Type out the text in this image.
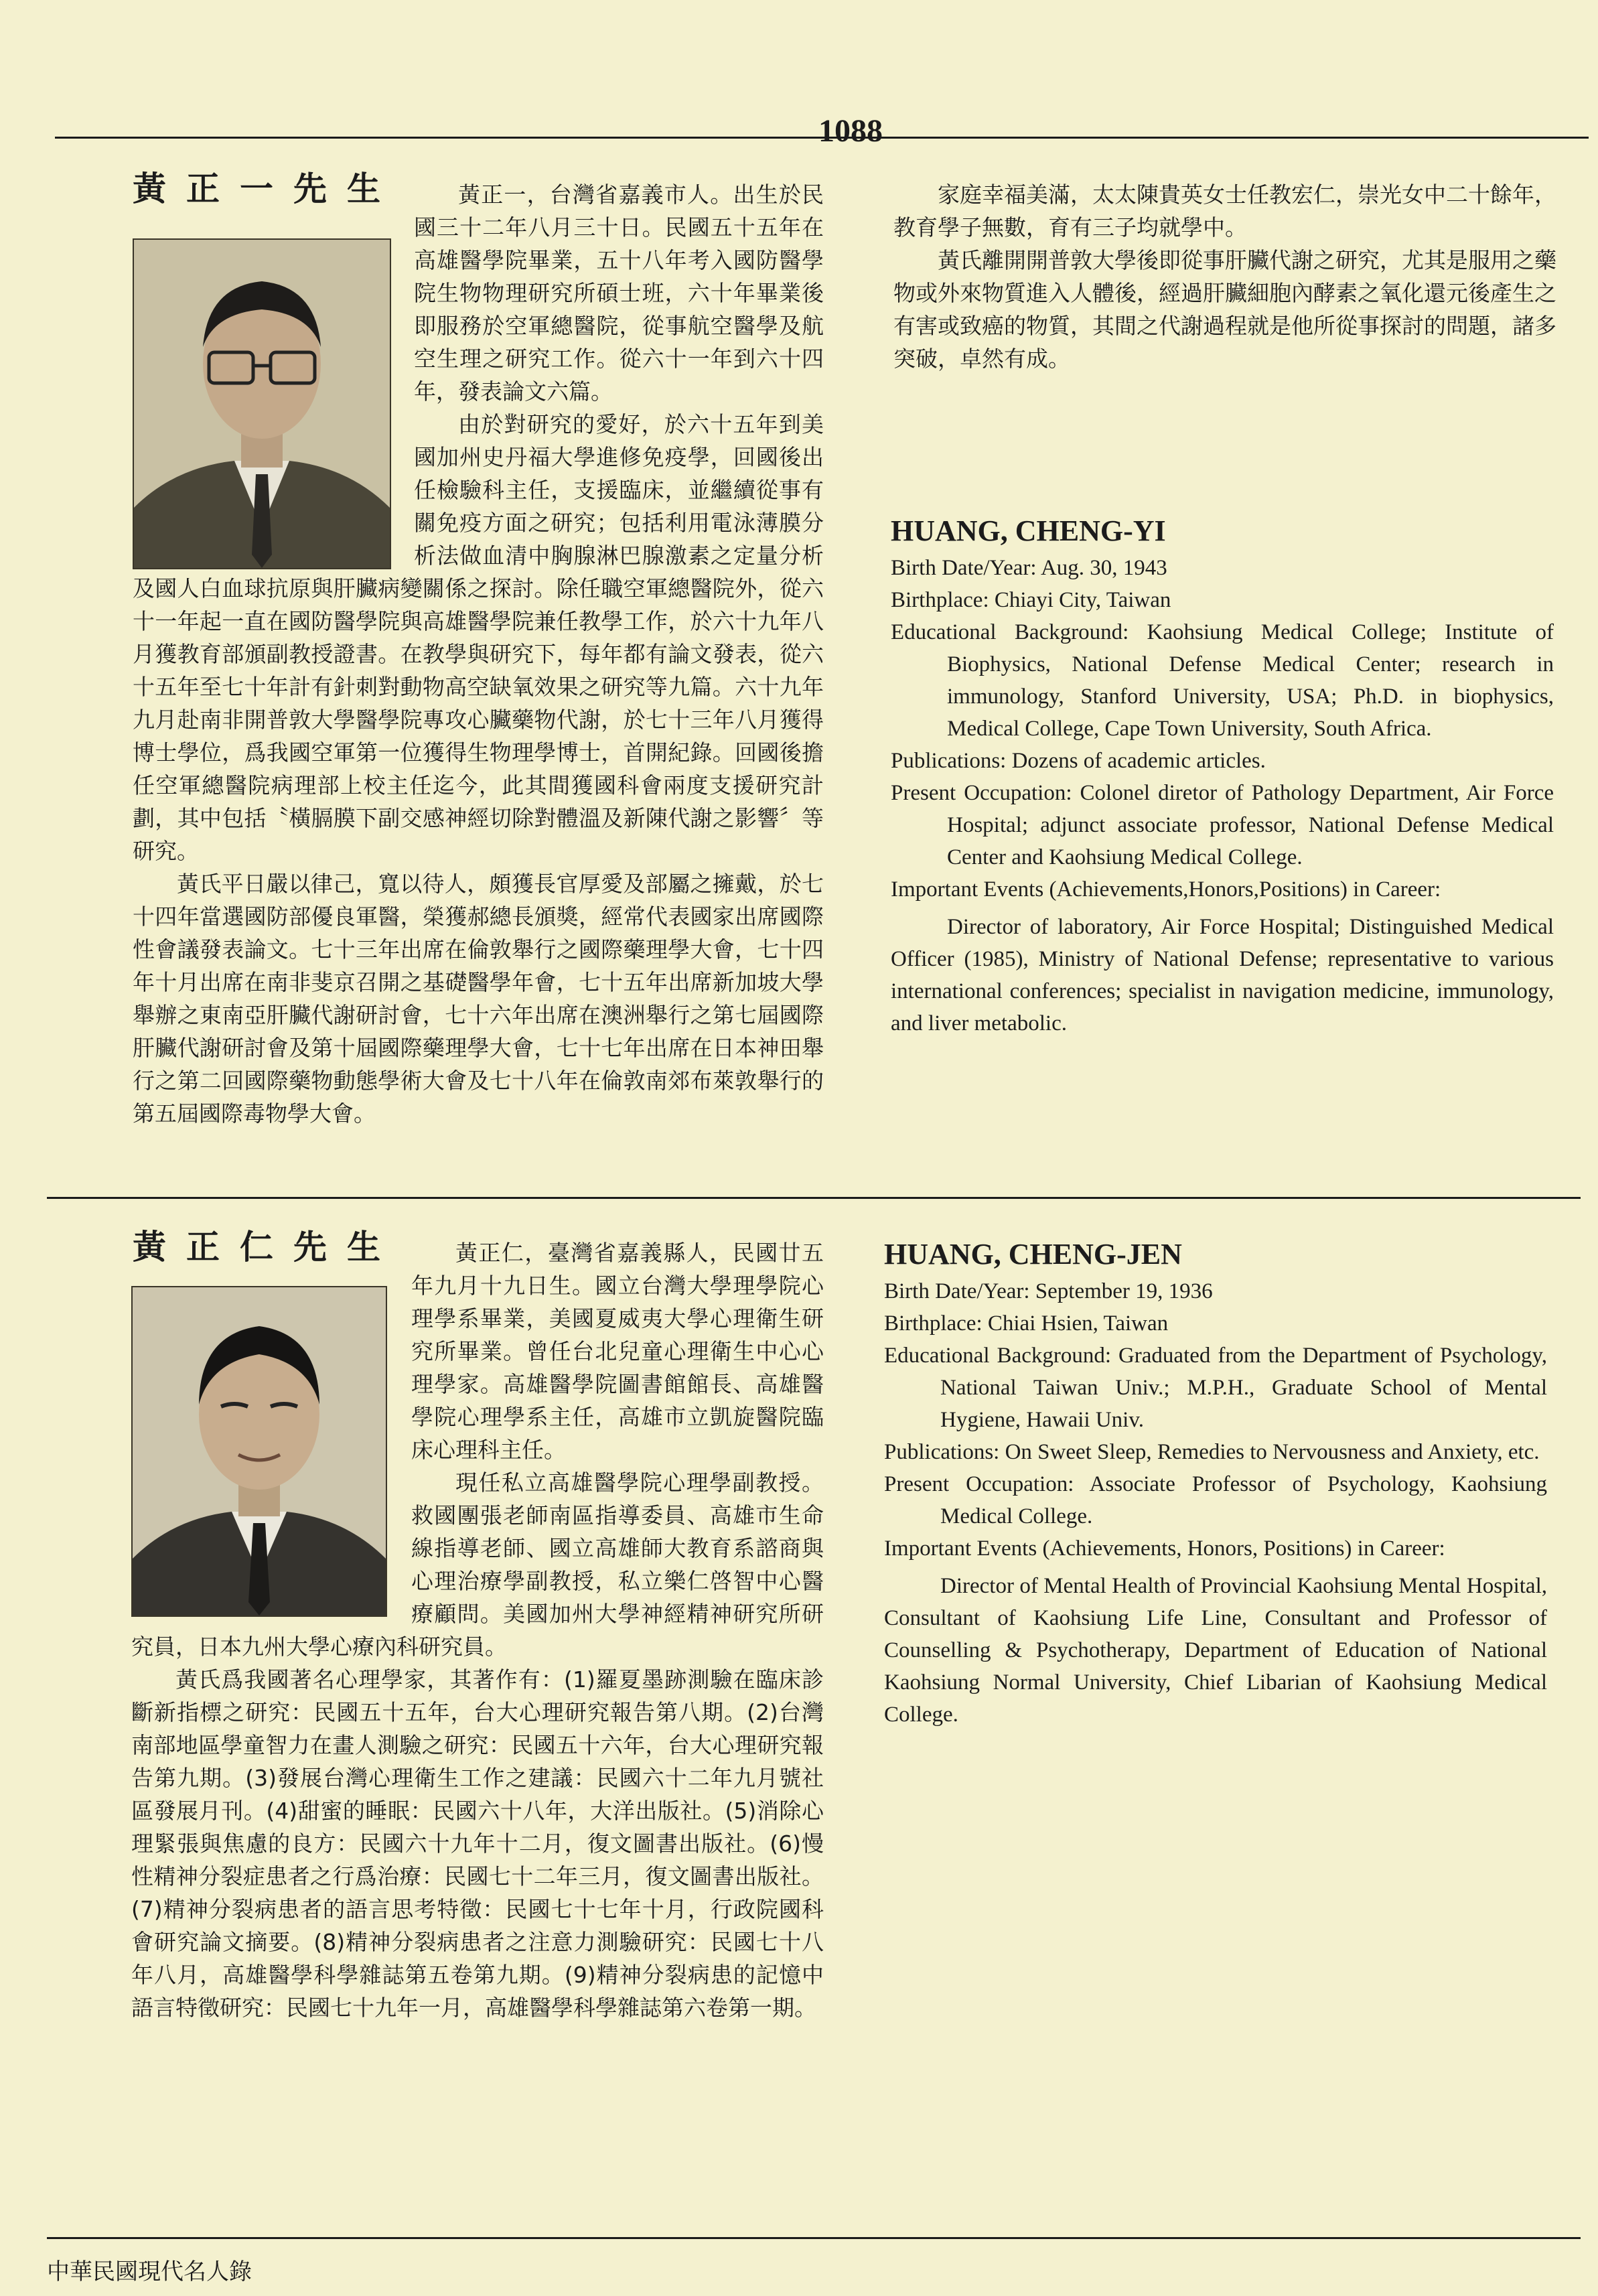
1088
黃正一先生	黃正一，台灣省嘉義市人。出生於民國三十二年八月三十日。民國五十五年在高雄醫學院畢業，五十八年考入國防醫學院生物物理研究所碩士班，六十年畢業後即服務於空軍總醫院，從事航空醫學及航空生理之研究工作。從六十一年到六十四年，發表論文六篇。

由於對研究的愛好，於六十五年到美國加州史丹福大學進修免疫學，回國後出任檢驗科主任，支援臨床，並繼續從事有關免疫方面之研究；包括利用電泳薄膜分析法做血清中胸腺淋巴腺激素之定量分析及國人白血球抗原與肝臟病變關係之探討。除任職空軍總醫院外，從六十一年起一直在國防醫學院與高雄醫學院兼任教學工作，於六十九年八月獲教育部頒副教授證書。在教學與研究下，每年都有論文發表，從六十五年至七十年計有針刺對動物高空缺氧效果之研究等九篇。六十九年九月赴南非開普敦大學醫學院專攻心臟藥物代謝，於七十三年八月獲得博士學位，爲我國空軍第一位獲得生物理學博士，首開紀錄。回國後擔任空軍總醫院病理部上校主任迄今，此其間獲國科會兩度支援研究計劃，其中包括〝橫膈膜下副交感神經切除對體溫及新陳代謝之影響〞等研究。

黃氏平日嚴以律己，寬以待人，頗獲長官厚愛及部屬之擁戴，於七十四年當選國防部優良軍醫，榮獲郝總長頒獎，經常代表國家出席國際性會議發表論文。七十三年出席在倫敦舉行之國際藥理學大會，七十四年十月出席在南非斐京召開之基礎醫學年會，七十五年出席新加坡大學舉辦之東南亞肝臟代謝研討會，七十六年出席在澳洲舉行之第七屆國際肝臟代謝研討會及第十屆國際藥理學大會，七十七年出席在日本神田舉行之第二回國際藥物動態學術大會及七十八年在倫敦南郊布萊敦舉行的第五屆國際毒物學大會。

家庭幸福美滿，太太陳貴英女士任教宏仁，崇光女中二十餘年，教育學子無數，育有三子均就學中。

黃氏離開開普敦大學後即從事肝臟代謝之研究，尤其是服用之藥物或外來物質進入人體後，經過肝臟細胞內酵素之氧化還元後產生之有害或致癌的物質，其間之代謝過程就是他所從事探討的問題，諸多突破，卓然有成。

HUANG, CHENG-YI

Birth Date/Year: Aug. 30, 1943

Birthplace: Chiayi City, Taiwan

Educational Background: Kaohsiung Medical College; Institute of Biophysics, National Defense Medical Center; research in immunology, Stanford University, USA; Ph.D. in biophysics, Medical College, Cape Town University, South Africa.

Publications: Dozens of academic articles.

Present Occupation: Colonel diretor of Pathology Department, Air Force Hospital; adjunct associate professor, National Defense Medical Center and Kaohsiung Medical College.

Important Events (Achievements,Honors,Positions) in Career:

Director of laboratory, Air Force Hospital; Distinguished Medical Officer (1985), Ministry of National Defense; representative to various international conferences; specialist in navigation medicine, immunology, and liver metabolic.

黃正仁先生	黃正仁，臺灣省嘉義縣人，民國廿五年九月十九日生。國立台灣大學理學院心理學系畢業，美國夏威夷大學心理衛生研究所畢業。曾任台北兒童心理衛生中心心理學家。高雄醫學院圖書館館長、高雄醫學院心理學系主任，高雄市立凱旋醫院臨床心理科主任。

現任私立高雄醫學院心理學副教授。救國團張老師南區指導委員、高雄市生命線指導老師、國立高雄師大教育系諮商與心理治療學副教授，私立樂仁啓智中心醫療顧問。美國加州大學神經精神研究所研究員，日本九州大學心療內科研究員。

黃氏爲我國著名心理學家，其著作有：(1)羅夏墨跡測驗在臨床診斷新指標之研究：民國五十五年，台大心理研究報告第八期。(2)台灣南部地區學童智力在畫人測驗之研究：民國五十六年，台大心理研究報告第九期。(3)發展台灣心理衛生工作之建議：民國六十二年九月號社區發展月刊。(4)甜蜜的睡眠：民國六十八年，大洋出版社。(5)消除心理緊張與焦慮的良方：民國六十九年十二月，復文圖書出版社。(6)慢性精神分裂症患者之行爲治療：民國七十二年三月，復文圖書出版社。(7)精神分裂病患者的語言思考特徵：民國七十七年十月，行政院國科會研究論文摘要。(8)精神分裂病患者之注意力測驗研究：民國七十八年八月，高雄醫學科學雜誌第五卷第九期。(9)精神分裂病患的記憶中語言特徵研究：民國七十九年一月，高雄醫學科學雜誌第六卷第一期。

HUANG, CHENG-JEN

Birth Date/Year: September 19, 1936

Birthplace: Chiai Hsien, Taiwan

Educational Background: Graduated from the Department of Psychology, National Taiwan Univ.; M.P.H., Graduate School of Mental Hygiene, Hawaii Univ.

Publications: On Sweet Sleep, Remedies to Nervousness and Anxiety, etc.

Present Occupation: Associate Professor of Psychology, Kaohsiung Medical College.

Important Events (Achievements, Honors, Positions) in Career:

Director of Mental Health of Provincial Kaohsiung Mental Hospital, Consultant of Kaohsiung Life Line, Consultant and Professor of Counselling & Psychotherapy, Department of Education of National Kaohsiung Normal University, Chief Libarian of Kaohsiung Medical College.

中華民國現代名人錄
